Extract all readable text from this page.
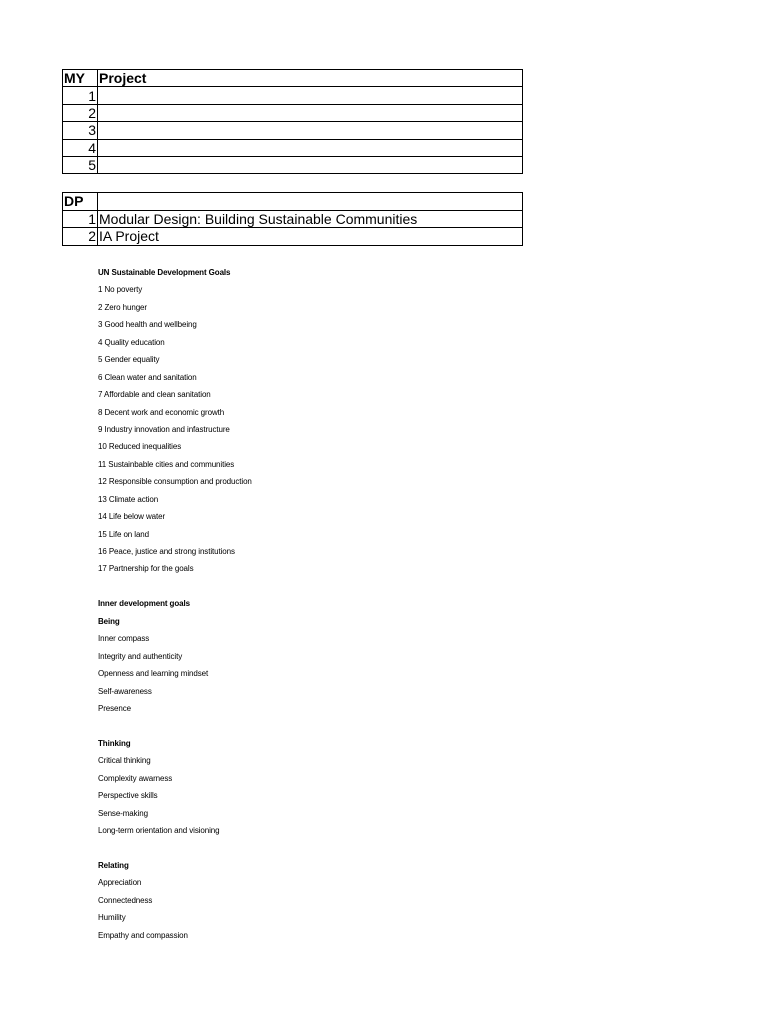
MY	Project
1	
2	
3	
4	
5	
DP	
1	Modular Design: Building Sustainable Communities
2	IA Project
UN Sustainable Development Goals
1 No poverty
2 Zero hunger
3 Good health and wellbeing
4 Quality education
5 Gender equality
6 Clean water and sanitation
7 Affordable and clean sanitation
8 Decent work and economic growth
9 Industry innovation and infastructure
10 Reduced inequalities
11 Sustainbable cities and communities
12 Responsible consumption and production
13 Climate action
14 Life below water
15 Life on land
16 Peace, justice and strong institutions
17 Partnership for the goals
Inner development goals
Being
Inner compass
Integrity and authenticity
Openness and learning mindset
Self-awareness
Presence
Thinking
Critical thinking
Complexity awarness
Perspective skills
Sense-making
Long-term orientation and visioning
Relating
Appreciation
Connectedness
Humility
Empathy and compassion
